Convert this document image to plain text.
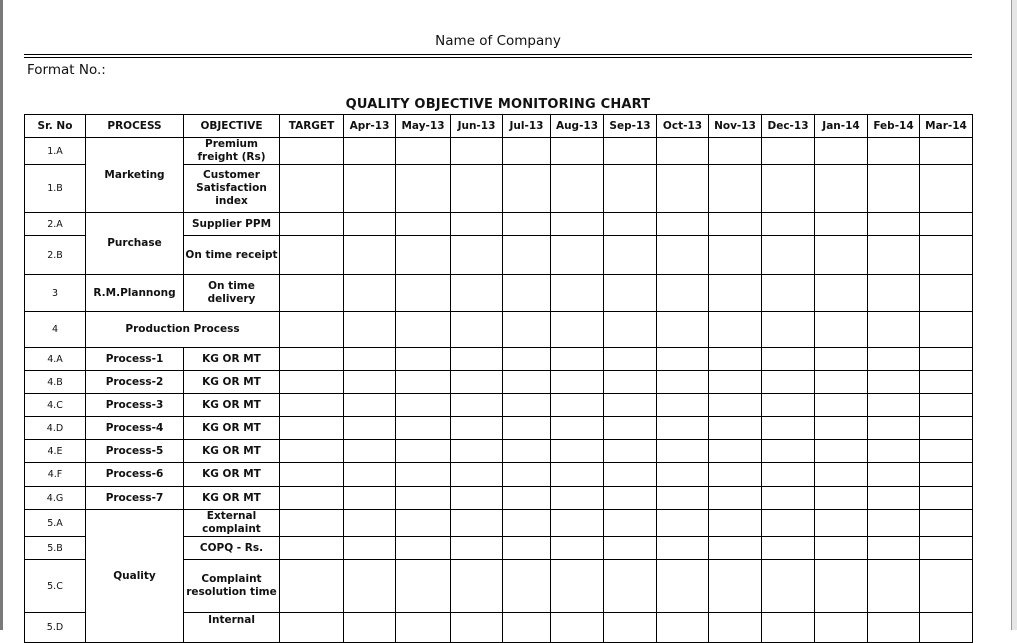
Name of Company
Format No.:
QUALITY OBJECTIVE MONITORING CHART
Sr. No	PROCESS	OBJECTIVE	TARGET	Apr-13	May-13	Jun-13	Jul-13	Aug-13	Sep-13	Oct-13	Nov-13	Dec-13	Jan-14	Feb-14	Mar-14
1.A	Marketing	Premium freight (Rs)													
1.B		Customer Satisfaction index													
2.A	Purchase	Supplier PPM													
2.B		On time receipt													
3	R.M.Plannong	On time delivery													
4	Production Process														
4.A	Process-1	KG OR MT													
4.B	Process-2	KG OR MT													
4.C	Process-3	KG OR MT													
4.D	Process-4	KG OR MT													
4.E	Process-5	KG OR MT													
4.F	Process-6	KG OR MT													
4.G	Process-7	KG OR MT													
5.A	Quality	External complaint													
5.B		COPQ - Rs.													
5.C		Complaint resolution time													
5.D		Internal													
